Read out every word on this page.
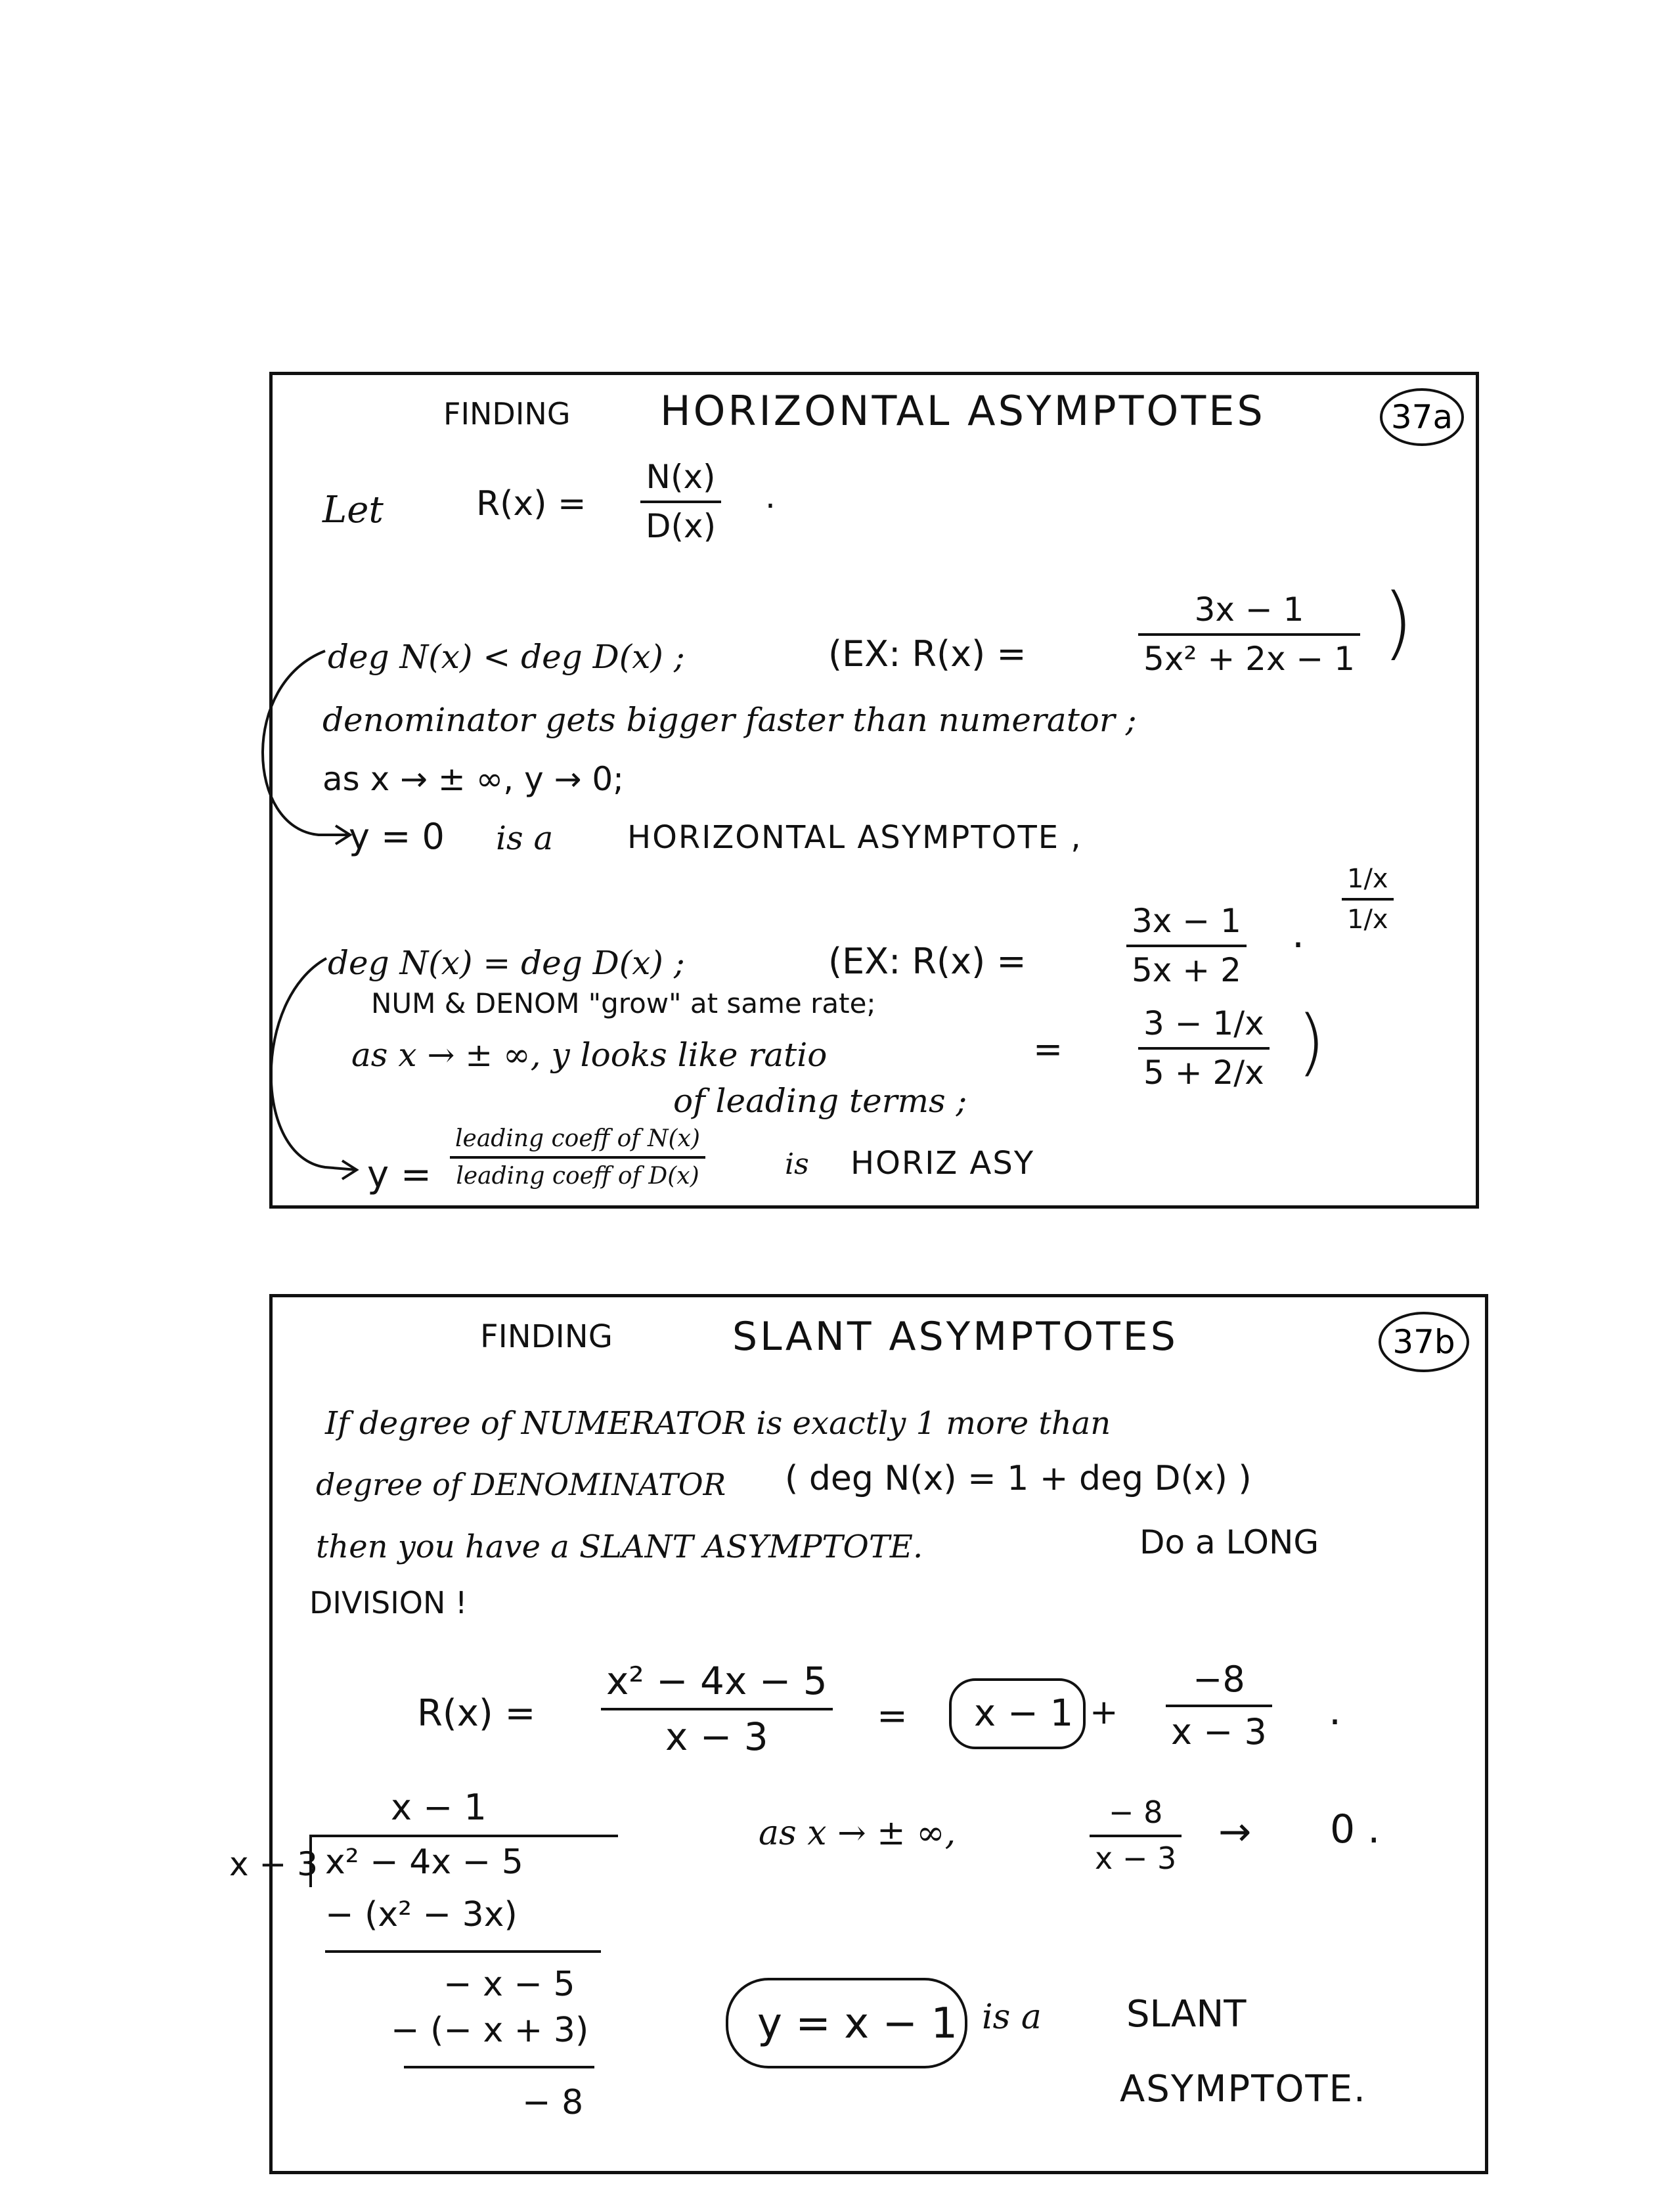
FINDING HORIZONTAL ASYMPTOTES	37a
Let	R(x) =
N(x)
D(x)
.
deg N(x) < deg D(x) ;	(EX: R(x) =
3x − 1
5x² + 2x − 1 )
denominator gets bigger faster than numerator ;
as x → ± ∞, y → 0;
y = 0 is a HORIZONTAL ASYMPTOTE ,
deg N(x) = deg D(x) ;	(EX: R(x) =
3x − 1
5x + 2
·
1/x
1/x
NUM & DENOM "grow" at same rate;
as x → ± ∞, y looks like ratio
of leading terms ;
=
3 − 1/x
5 + 2/x )
y =
leading coeff of N(x)
leading coeff of D(x)	is HORIZ ASY
FINDING	SLANT ASYMPTOTES	37b
If degree of NUMERATOR is exactly 1 more than
degree of DENOMINATOR ( deg N(x) = 1 + deg D(x) )
then you have a SLANT ASYMPTOTE.	Do a LONG
DIVISION !
R(x) =
x² − 4x − 5
x − 3	= x − 1 +
−8
x − 3 .
x − 1
x − 3 x² − 4x − 5
− (x² − 3x)
− x − 5
− (− x + 3)
− 8
as x → ± ∞,
− 8
x − 3
→ 0 .
y = x − 1 is a SLANT
ASYMPTOTE.
